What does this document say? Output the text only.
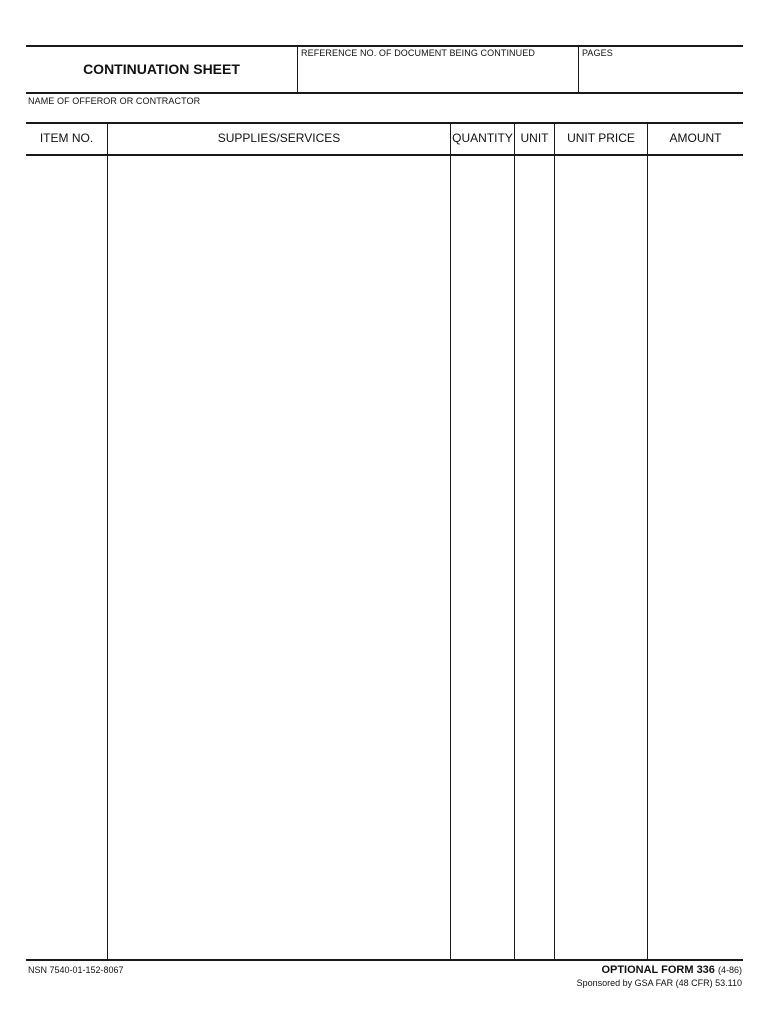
CONTINUATION SHEET
REFERENCE NO. OF DOCUMENT BEING CONTINUED	PAGES
NAME OF OFFEROR OR CONTRACTOR
ITEM NO.	SUPPLIES/SERVICES	QUANTITY UNIT	UNIT PRICE	AMOUNT
NSN 7540-01-152-8067	OPTIONAL FORM 336 (4-86)
Sponsored by GSA FAR (48 CFR) 53.110
